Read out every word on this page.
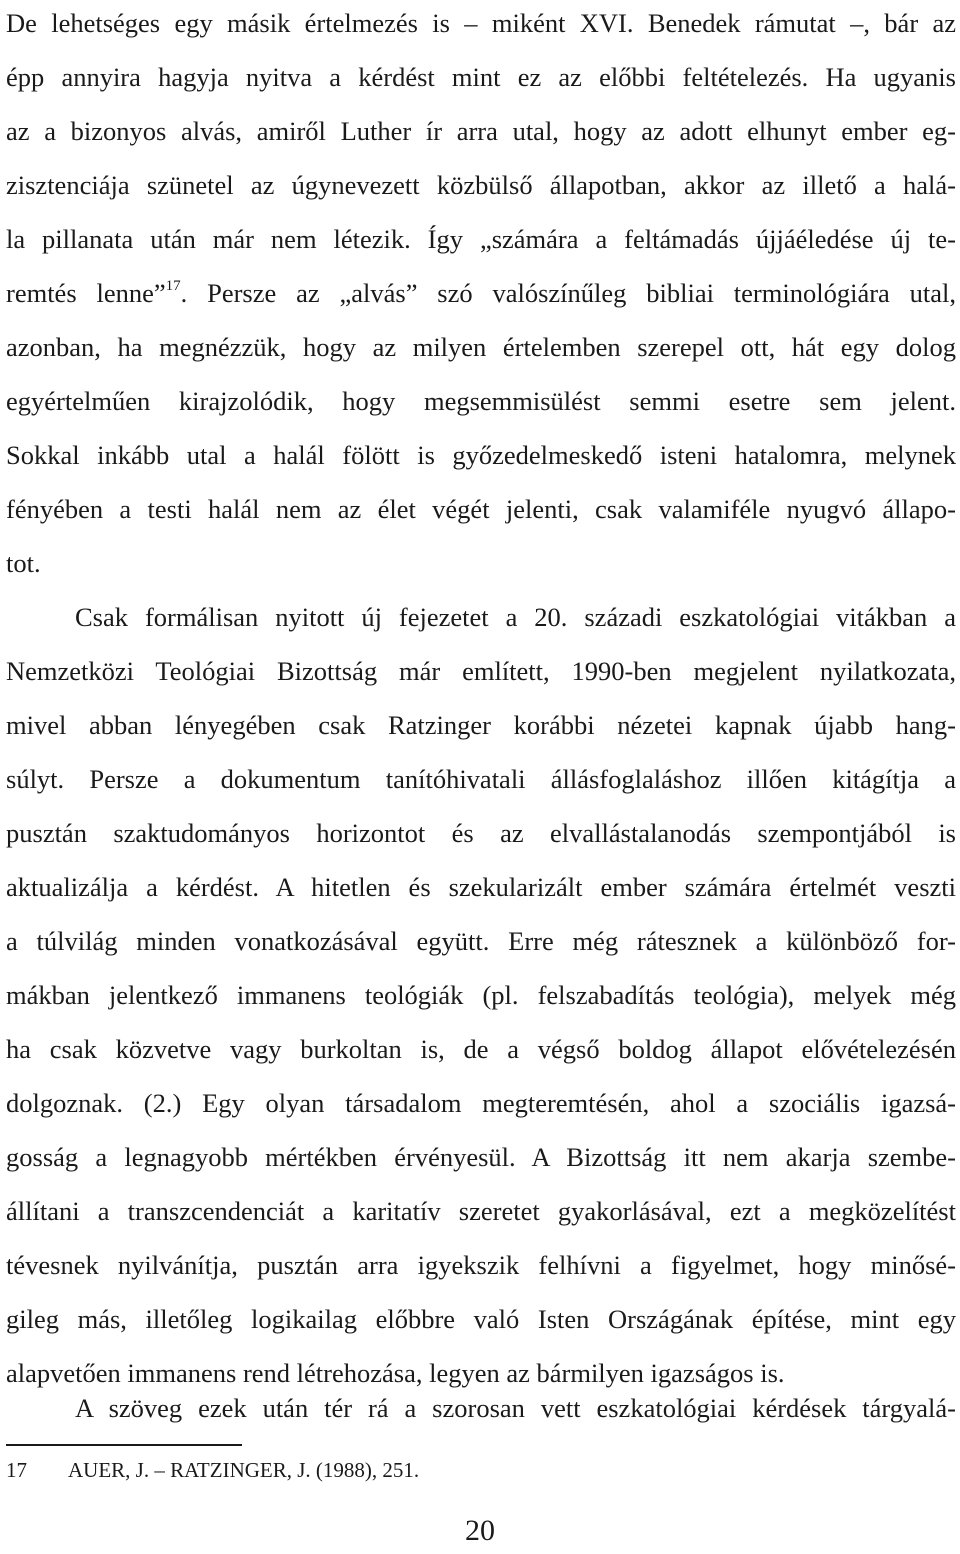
De lehetséges egy másik értelmezés is – miként XVI. Benedek rámutat –, bár az
épp annyira hagyja nyitva a kérdést mint ez az előbbi feltételezés. Ha ugyanis
az a bizonyos alvás, amiről Luther ír arra utal, hogy az adott elhunyt ember eg-
zisztenciája szünetel az úgynevezett közbülső állapotban, akkor az illető a halá-
la pillanata után már nem létezik. Így „számára a feltámadás újjáéledése új te-
remtés lenne”$^{17}$. Persze az „alvás” szó valószínűleg bibliai terminológiára utal,
azonban, ha megnézzük, hogy az milyen értelemben szerepel ott, hát egy dolog
egyértelműen kirajzolódik, hogy megsemmisülést semmi esetre sem jelent.
Sokkal inkább utal a halál fölött is győzedelmeskedő isteni hatalomra, melynek
fényében a testi halál nem az élet végét jelenti, csak valamiféle nyugvó állapo-
tot.
Csak formálisan nyitott új fejezetet a 20. századi eszkatológiai vitákban a
Nemzetközi Teológiai Bizottság már említett, 1990-ben megjelent nyilatkozata,
mivel abban lényegében csak Ratzinger korábbi nézetei kapnak újabb hang-
súlyt. Persze a dokumentum tanítóhivatali állásfoglaláshoz illően kitágítja a
pusztán szaktudományos horizontot és az elvallástalanodás szempontjából is
aktualizálja a kérdést. A hitetlen és szekularizált ember számára értelmét veszti
a túlvilág minden vonatkozásával együtt. Erre még rátesznek a különböző for-
mákban jelentkező immanens teológiák (pl. felszabadítás teológia), melyek még
ha csak közvetve vagy burkoltan is, de a végső boldog állapot elővételezésén
dolgoznak. (2.) Egy olyan társadalom megteremtésén, ahol a szociális igazsá-
gosság a legnagyobb mértékben érvényesül. A Bizottság itt nem akarja szembe-
állítani a transzcendenciát a karitatív szeretet gyakorlásával, ezt a megközelítést
tévesnek nyilvánítja, pusztán arra igyekszik felhívni a figyelmet, hogy minősé-
gileg más, illetőleg logikailag előbbre való Isten Országának építése, mint egy
alapvetően immanens rend létrehozása, legyen az bármilyen igazságos is.
A szöveg ezek után tér rá a szorosan vett eszkatológiai kérdések tárgyalá-
17 AUER, J. – RATZINGER, J. (1988), 251.
20
